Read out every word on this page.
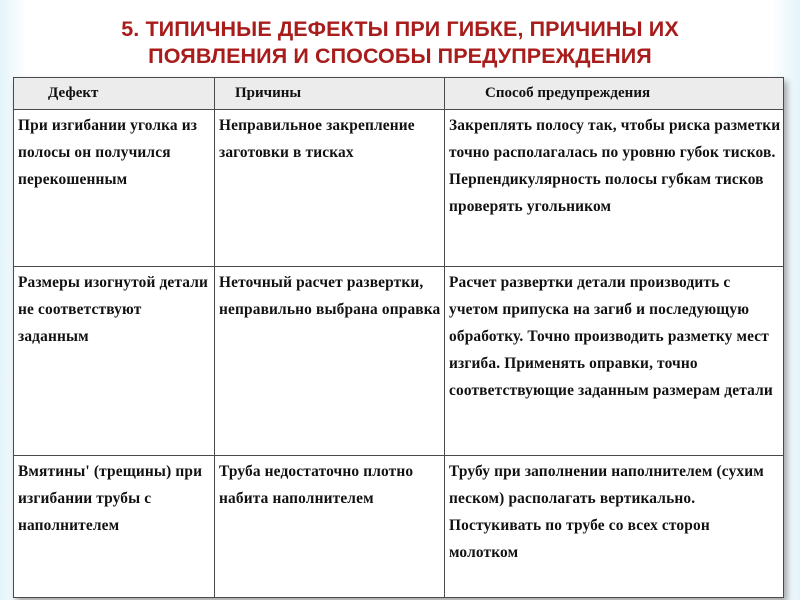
5. ТИПИЧНЫЕ ДЕФЕКТЫ ПРИ ГИБКЕ, ПРИЧИНЫ ИХ
ПОЯВЛЕНИЯ И СПОСОБЫ ПРЕДУПРЕЖДЕНИЯ
Дефект	Причины	Способ предупреждения
При изгибании уголка из полосы он получился перекошенным	Неправильное закрепление заготовки в тисках	Закреплять полосу так, чтобы риска разметки точно располагалась по уровню губок тисков. Перпендикулярность полосы губкам тисков проверять угольником
Размеры изогнутой детали не соответствуют заданным	Неточный расчет развертки, неправильно выбрана оправка	Расчет развертки детали производить с учетом припуска на загиб и последующую обработку. Точно производить разметку мест изгиба. Применять оправки, точно соответствующие заданным размерам детали
Вмятины' (трещины) при изгибании трубы с наполнителем	Труба недостаточно плотно набита наполнителем	Трубу при заполнении наполнителем (сухим песком) располагать вертикально. Постукивать по трубе со всех сторон молотком
